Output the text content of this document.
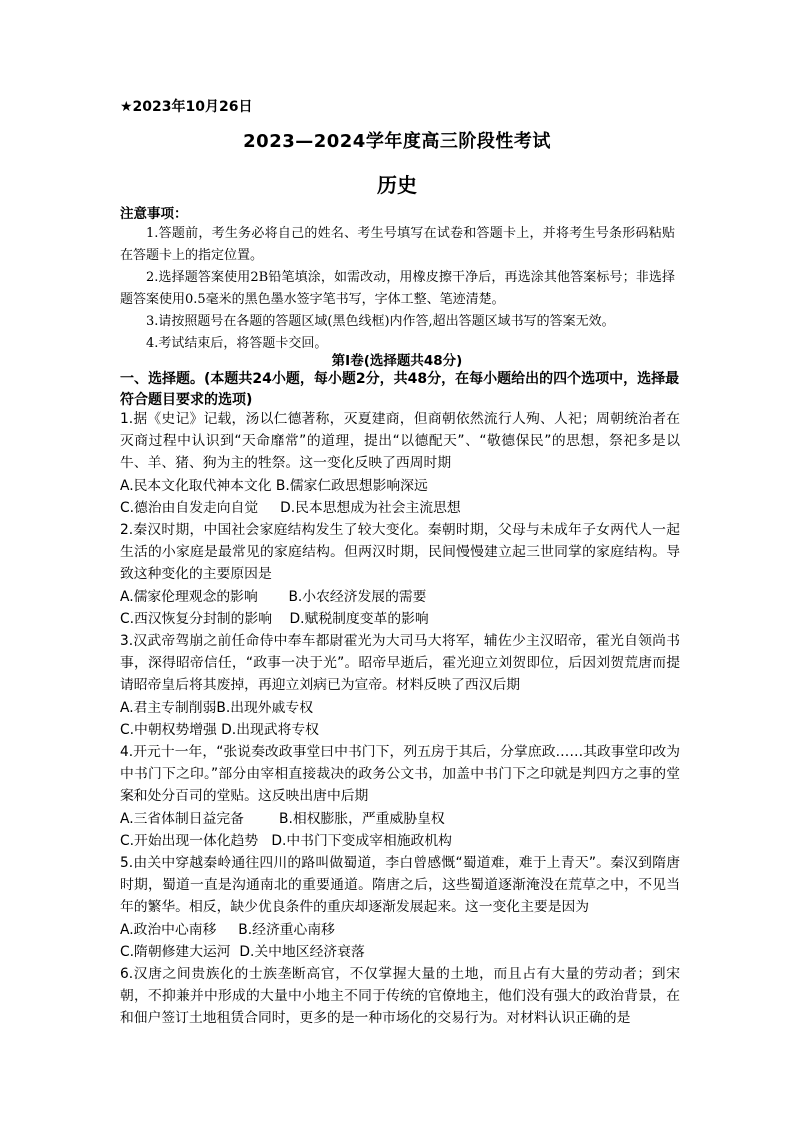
★2023年10月26日
2023—2024学年度高三阶段性考试
历史
注意事项：

1.答题前，考生务必将自己的姓名、考生号填写在试卷和答题卡上，并将考生号条形码粘贴在答题卡上的指定位置。

2.选择题答案使用2B铅笔填涂，如需改动，用橡皮擦干净后，再选涂其他答案标号；非选择题答案使用0.5毫米的黑色墨水签字笔书写，字体工整、笔迹清楚。

3.请按照题号在各题的答题区域(黑色线框)内作答,超出答题区域书写的答案无效。

4.考试结束后，将答题卡交回。

第Ⅰ卷(选择题共48分)
一、选择题。(本题共24小题，每小题2分，共48分，在每小题给出的四个选项中，选择最符合题目要求的选项)

1.据《史记》记载，汤以仁德著称，灭夏建商，但商朝依然流行人殉、人祀；周朝统治者在灭商过程中认识到“天命靡常”的道理，提出“以德配天”、“敬德保民”的思想，祭祀多是以牛、羊、猪、狗为主的牲祭。这一变化反映了西周时期

A.民本文化取代神本文化 B.儒家仁政思想影响深远

C.德治由自发走向自觉     D.民本思想成为社会主流思想

2.秦汉时期，中国社会家庭结构发生了较大变化。秦朝时期，父母与未成年子女两代人一起生活的小家庭是最常见的家庭结构。但两汉时期，民间慢慢建立起三世同掌的家庭结构。导致这种变化的主要原因是

A.儒家伦理观念的影响       B.小农经济发展的需要

C.西汉恢复分封制的影响    D.赋税制度变革的影响

3.汉武帝驾崩之前任命侍中奉车都尉霍光为大司马大将军，辅佐少主汉昭帝，霍光自领尚书事，深得昭帝信任，“政事一决于光”。昭帝早逝后，霍光迎立刘贺即位，后因刘贺荒唐而提请昭帝皇后将其废掉，再迎立刘病已为宣帝。材料反映了西汉后期

A.君主专制削弱B.出现外戚专权

C.中朝权势增强 D.出现武将专权

4.开元十一年，“张说奏改政事堂曰中书门下，列五房于其后，分掌庶政……其政事堂印改为中书门下之印。”部分由宰相直接裁决的政务公文书，加盖中书门下之印就是判四方之事的堂案和处分百司的堂贴。这反映出唐中后期

A.三省体制日益完备        B.相权膨胀，严重威胁皇权

C.开始出现一体化趋势   D.中书门下变成宰相施政机构

5.由关中穿越秦岭通往四川的路叫做蜀道，李白曾感慨“蜀道难，难于上青天”。秦汉到隋唐时期，蜀道一直是沟通南北的重要通道。隋唐之后，这些蜀道逐渐淹没在荒草之中，不见当年的繁华。相反，缺少优良条件的重庆却逐渐发展起来。这一变化主要是因为

A.政治中心南移     B.经济重心南移

C.隋朝修建大运河  D.关中地区经济衰落

6.汉唐之间贵族化的士族垄断高官，不仅掌握大量的土地，而且占有大量的劳动者；到宋朝，不抑兼并中形成的大量中小地主不同于传统的官僚地主，他们没有强大的政治背景，在和佃户签订土地租赁合同时，更多的是一种市场化的交易行为。对材料认识正确的是
